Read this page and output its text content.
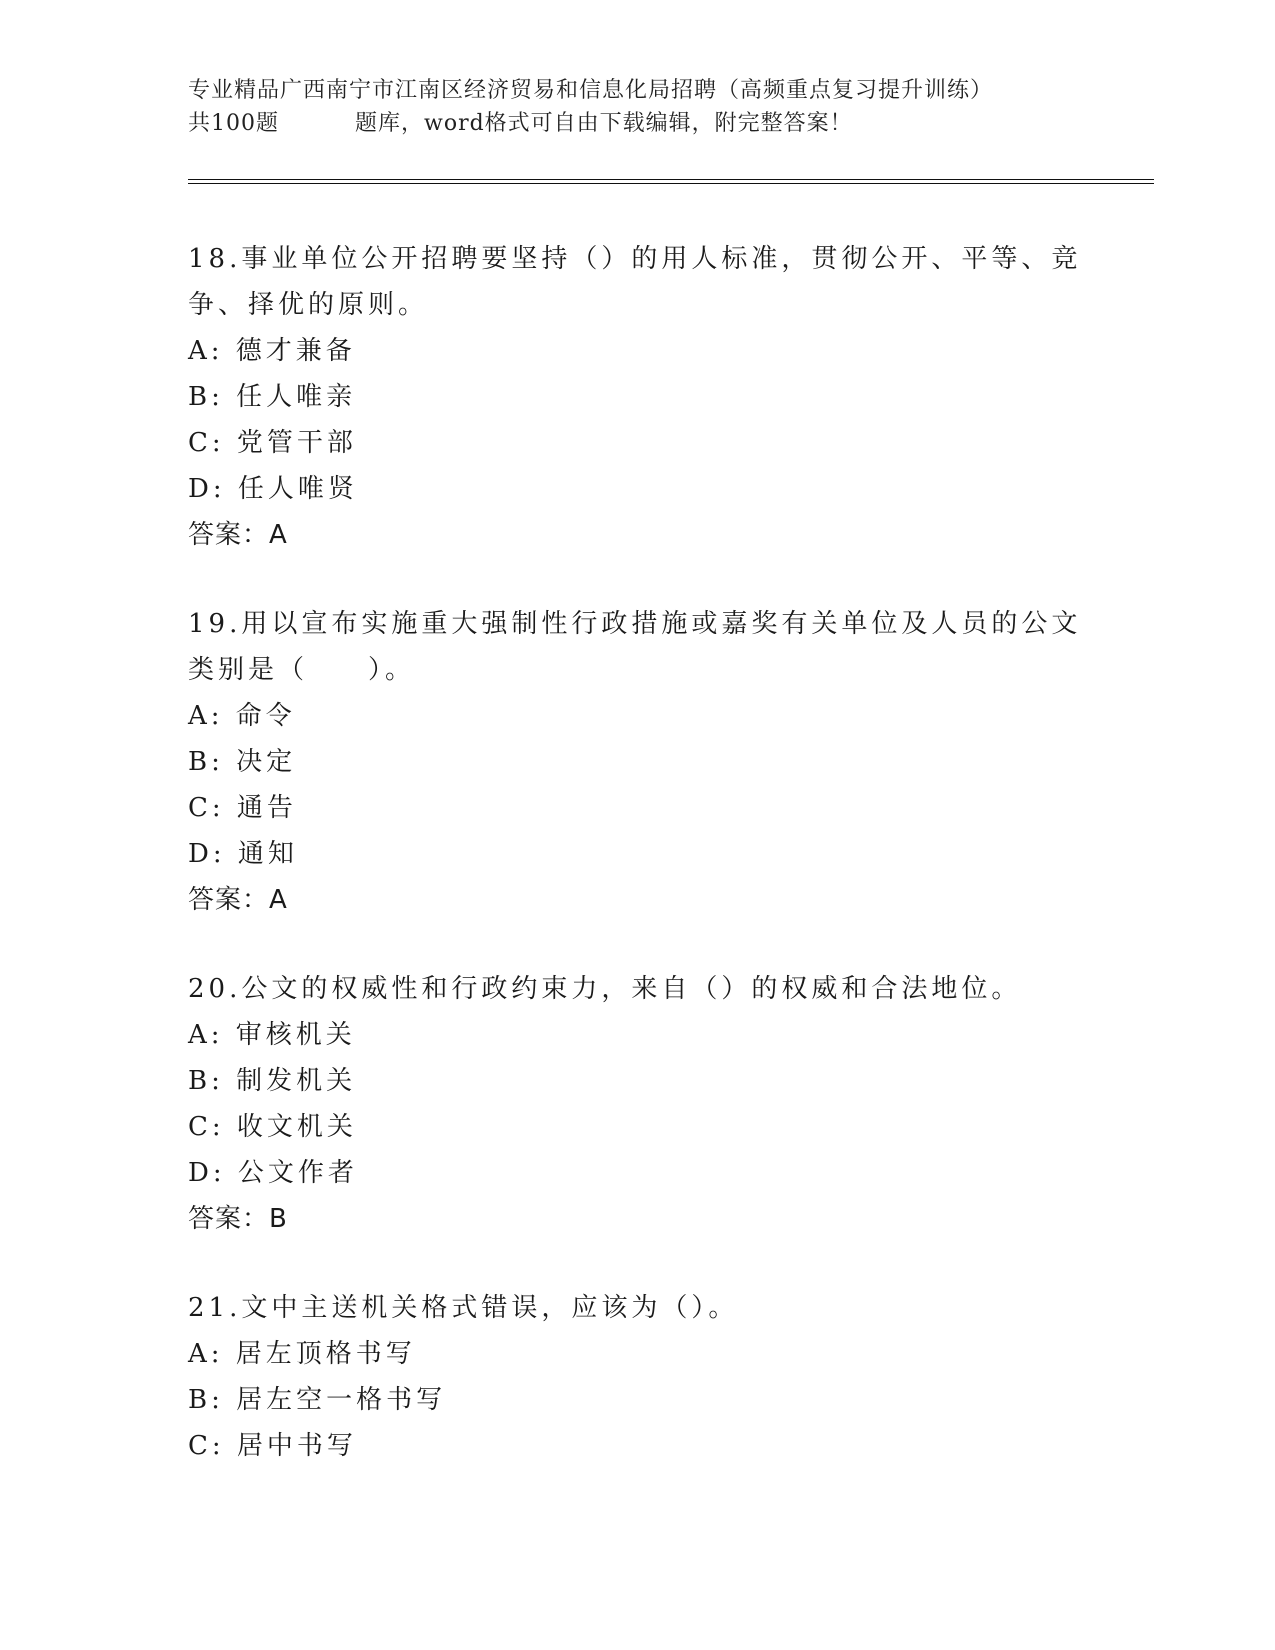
专业精品广西南宁市江南区经济贸易和信息化局招聘（高频重点复习提升训练）
共100题	题库，word格式可自由下载编辑，附完整答案！

18.事业单位公开招聘要坚持（）的用人标准，贯彻公开、平等、竞争、择优的原则。

A: 德才兼备

B: 任人唯亲

C: 党管干部

D: 任人唯贤

答案：A

19.用以宣布实施重大强制性行政措施或嘉奖有关单位及人员的公文类别是（　　）。

A: 命令

B: 决定

C: 通告

D: 通知

答案：A

20.公文的权威性和行政约束力，来自（）的权威和合法地位。

A: 审核机关

B: 制发机关

C: 收文机关

D: 公文作者

答案：B

21.文中主送机关格式错误，应该为（）。

A: 居左顶格书写

B: 居左空一格书写

C: 居中书写
